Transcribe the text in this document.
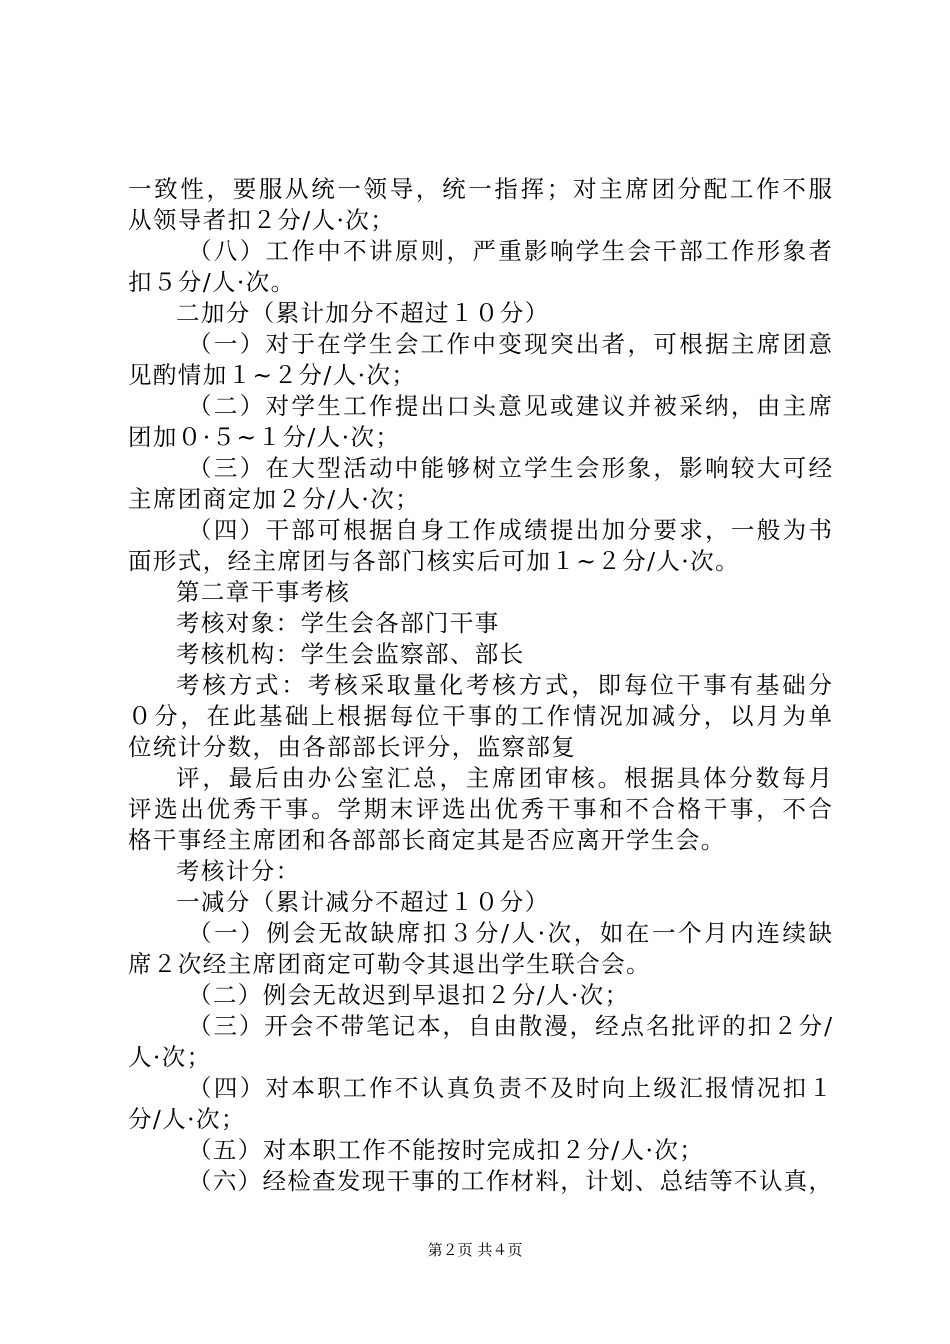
一致性，要服从统一领导，统一指挥；对主席团分配工作不服
从领导者扣２分/人·次；
（八）工作中不讲原则，严重影响学生会干部工作形象者
扣５分/人·次。
二加分（累计加分不超过１０分）
（一）对于在学生会工作中变现突出者，可根据主席团意
见酌情加１~２分/人·次；
（二）对学生工作提出口头意见或建议并被采纳，由主席
团加０·５~１分/人·次；
（三）在大型活动中能够树立学生会形象，影响较大可经
主席团商定加２分/人·次；
（四）干部可根据自身工作成绩提出加分要求，一般为书
面形式，经主席团与各部门核实后可加１~２分/人·次。
第二章干事考核
考核对象：学生会各部门干事
考核机构：学生会监察部、部长
考核方式：考核采取量化考核方式，即每位干事有基础分
０分，在此基础上根据每位干事的工作情况加减分，以月为单
位统计分数，由各部部长评分，监察部复
评，最后由办公室汇总，主席团审核。根据具体分数每月
评选出优秀干事。学期末评选出优秀干事和不合格干事，不合
格干事经主席团和各部部长商定其是否应离开学生会。
考核计分：
一减分（累计减分不超过１０分）
（一）例会无故缺席扣３分/人·次，如在一个月内连续缺
席２次经主席团商定可勒令其退出学生联合会。
（二）例会无故迟到早退扣２分/人·次；
（三）开会不带笔记本，自由散漫，经点名批评的扣２分/
人·次；
（四）对本职工作不认真负责不及时向上级汇报情况扣１
分/人·次；
（五）对本职工作不能按时完成扣２分/人·次；
（六）经检查发现干事的工作材料，计划、总结等不认真，
第２页 共４页
